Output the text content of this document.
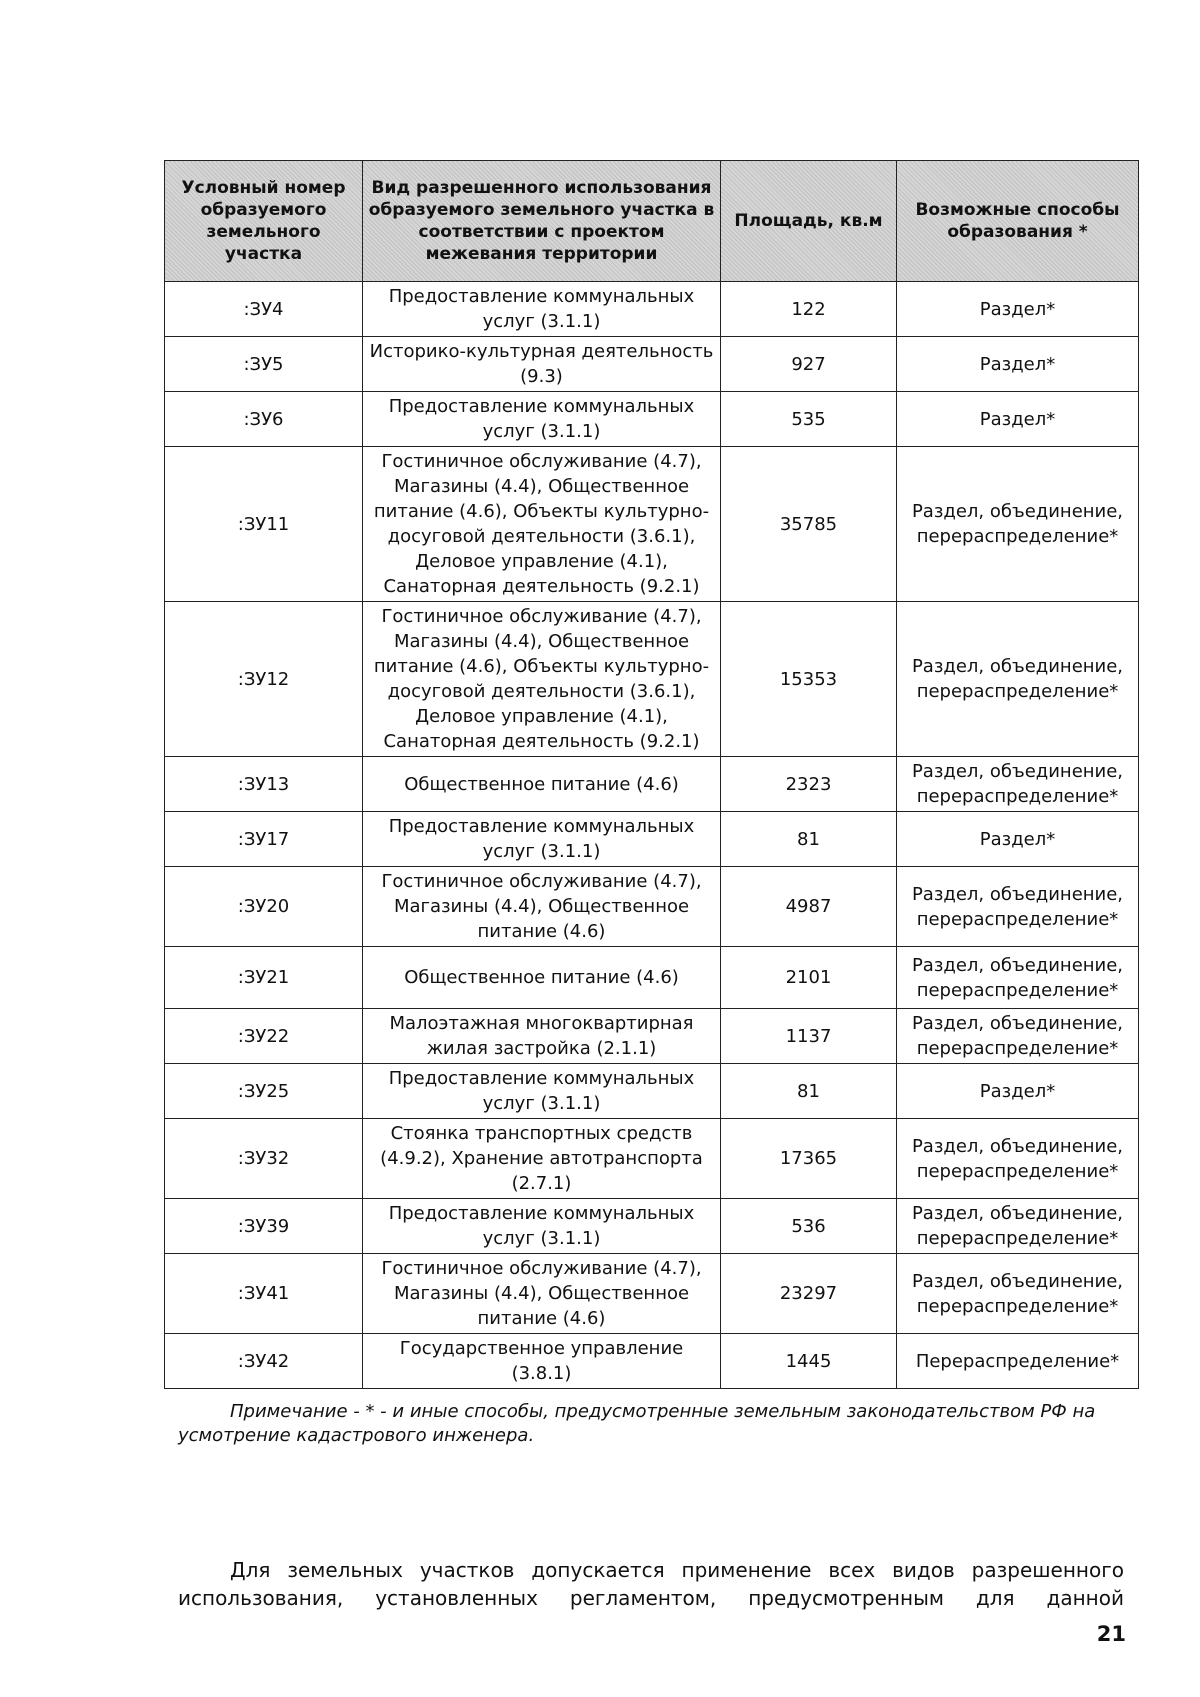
Условный номер образуемого земельного участка	Вид разрешенного использования образуемого земельного участка в соответствии с проектом межевания территории	Площадь, кв.м	Возможные способы образования *
:ЗУ4	Предоставление коммунальных услуг (3.1.1)	122	Раздел*
:ЗУ5	Историко-культурная деятельность (9.3)	927	Раздел*
:ЗУ6	Предоставление коммунальных услуг (3.1.1)	535	Раздел*
:ЗУ11	Гостиничное обслуживание (4.7), Магазины (4.4), Общественное питание (4.6), Объекты культурно-досуговой деятельности (3.6.1), Деловое управление (4.1), Санаторная деятельность (9.2.1)	35785	Раздел, объединение, перераспределение*
:ЗУ12	Гостиничное обслуживание (4.7), Магазины (4.4), Общественное питание (4.6), Объекты культурно-досуговой деятельности (3.6.1), Деловое управление (4.1), Санаторная деятельность (9.2.1)	15353	Раздел, объединение, перераспределение*
:ЗУ13	Общественное питание (4.6)	2323	Раздел, объединение, перераспределение*
:ЗУ17	Предоставление коммунальных услуг (3.1.1)	81	Раздел*
:ЗУ20	Гостиничное обслуживание (4.7), Магазины (4.4), Общественное питание (4.6)	4987	Раздел, объединение, перераспределение*
:ЗУ21	Общественное питание (4.6)	2101	Раздел, объединение, перераспределение*
:ЗУ22	Малоэтажная многоквартирная жилая застройка (2.1.1)	1137	Раздел, объединение, перераспределение*
:ЗУ25	Предоставление коммунальных услуг (3.1.1)	81	Раздел*
:ЗУ32	Стоянка транспортных средств (4.9.2), Хранение автотранспорта (2.7.1)	17365	Раздел, объединение, перераспределение*
:ЗУ39	Предоставление коммунальных услуг (3.1.1)	536	Раздел, объединение, перераспределение*
:ЗУ41	Гостиничное обслуживание (4.7), Магазины (4.4), Общественное питание (4.6)	23297	Раздел, объединение, перераспределение*
:ЗУ42	Государственное управление (3.8.1)	1445	Перераспределение*

Примечание - * - и иные способы, предусмотренные земельным законодательством РФ на усмотрение кадастрового инженера.

Для земельных участков допускается применение всех видов разрешенного использования, установленных регламентом, предусмотренным для данной

21
